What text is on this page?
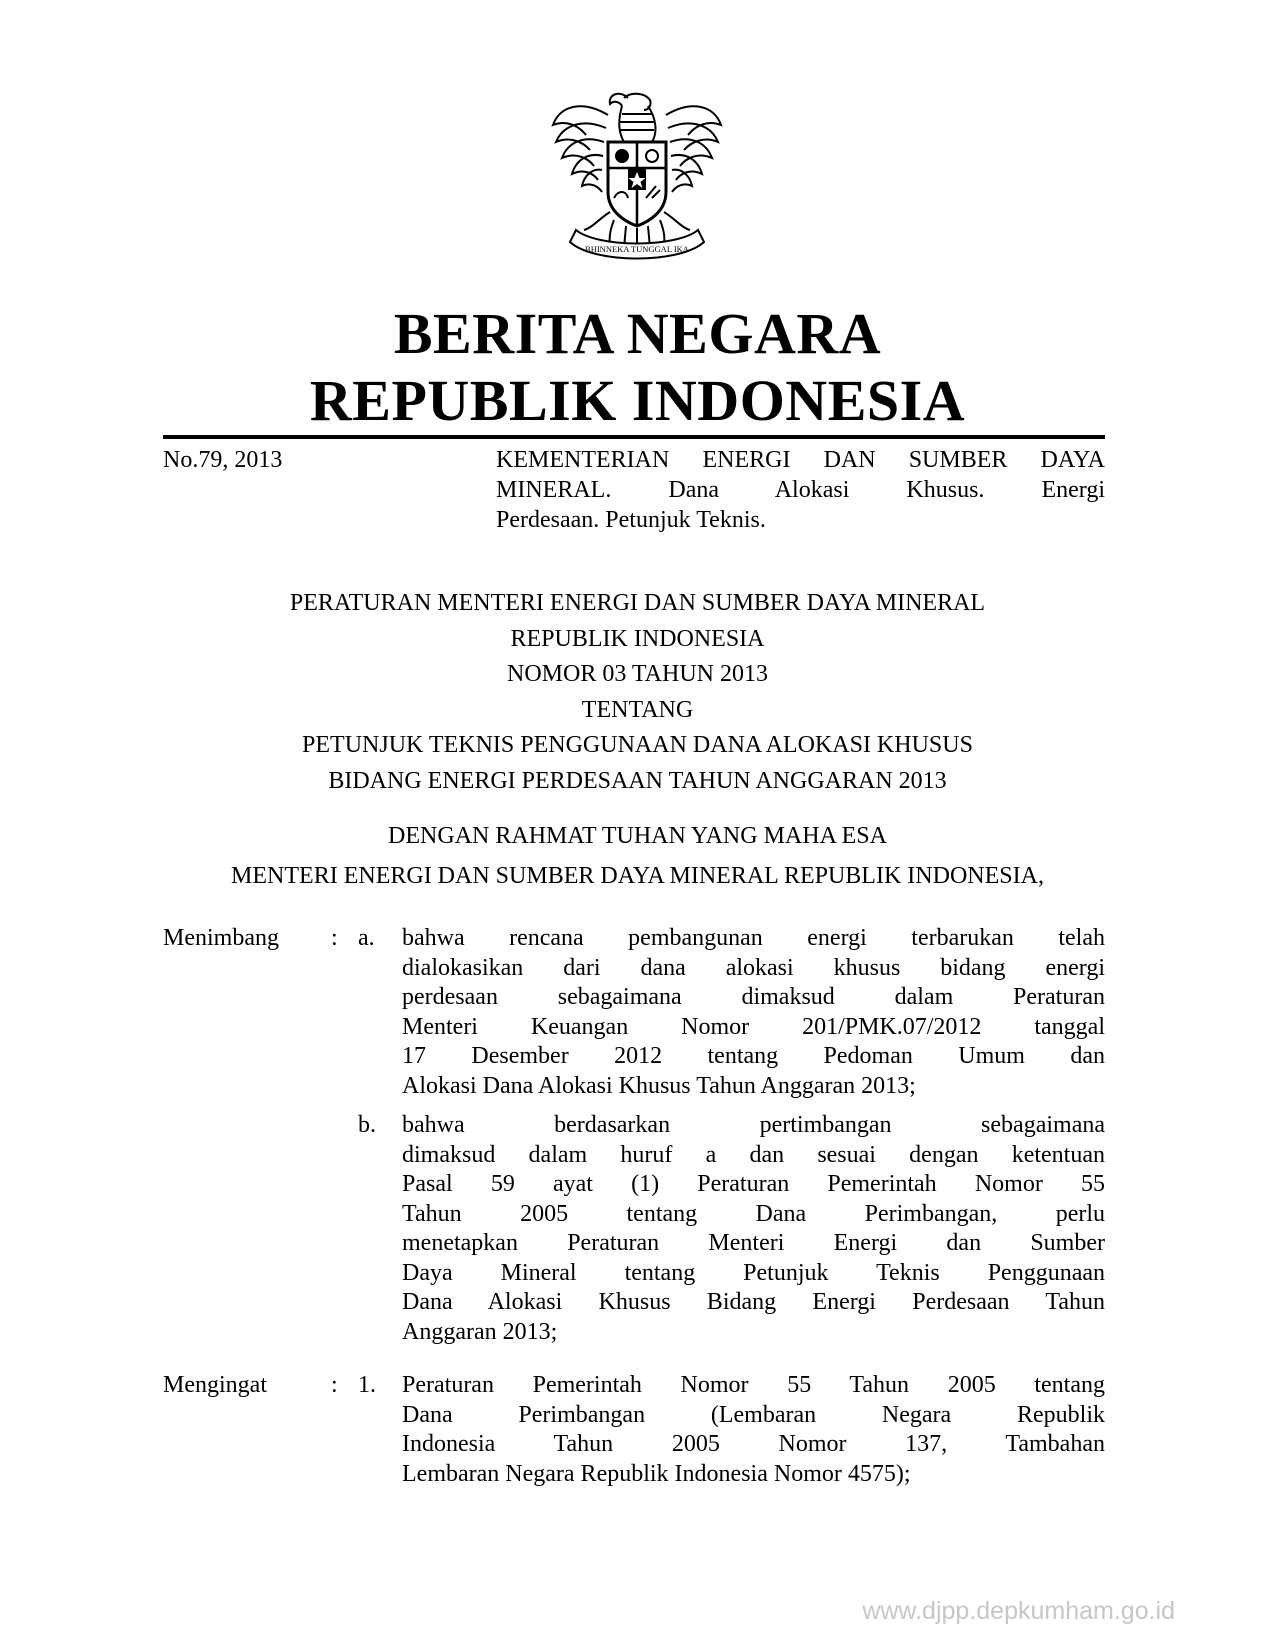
BHINNEKA TUNGGAL IKA
BERITA NEGARA
REPUBLIK INDONESIA
No.79, 2013	KEMENTERIAN ENERGI DAN SUMBER DAYA
MINERAL. Dana Alokasi Khusus. Energi
Perdesaan. Petunjuk Teknis.
PERATURAN MENTERI ENERGI DAN SUMBER DAYA MINERAL
REPUBLIK INDONESIA
NOMOR 03 TAHUN 2013
TENTANG
PETUNJUK TEKNIS PENGGUNAAN DANA ALOKASI KHUSUS
BIDANG ENERGI PERDESAAN TAHUN ANGGARAN 2013
DENGAN RAHMAT TUHAN YANG MAHA ESA
MENTERI ENERGI DAN SUMBER DAYA MINERAL REPUBLIK INDONESIA,
Menimbang : a. bahwa rencana pembangunan energi terbarukan telah
dialokasikan dari dana alokasi khusus bidang energi
perdesaan sebagaimana dimaksud dalam Peraturan
Menteri Keuangan Nomor 201/PMK.07/2012 tanggal
17 Desember 2012 tentang Pedoman Umum dan
Alokasi Dana Alokasi Khusus Tahun Anggaran 2013;
b. bahwa berdasarkan pertimbangan sebagaimana
dimaksud dalam huruf a dan sesuai dengan ketentuan
Pasal 59 ayat (1) Peraturan Pemerintah Nomor 55
Tahun 2005 tentang Dana Perimbangan, perlu
menetapkan Peraturan Menteri Energi dan Sumber
Daya Mineral tentang Petunjuk Teknis Penggunaan
Dana Alokasi Khusus Bidang Energi Perdesaan Tahun
Anggaran 2013;
Mengingat	: 1. Peraturan Pemerintah Nomor 55 Tahun 2005 tentang
Dana Perimbangan (Lembaran Negara Republik
Indonesia Tahun 2005 Nomor 137, Tambahan
Lembaran Negara Republik Indonesia Nomor 4575);
www.djpp.depkumham.go.id
